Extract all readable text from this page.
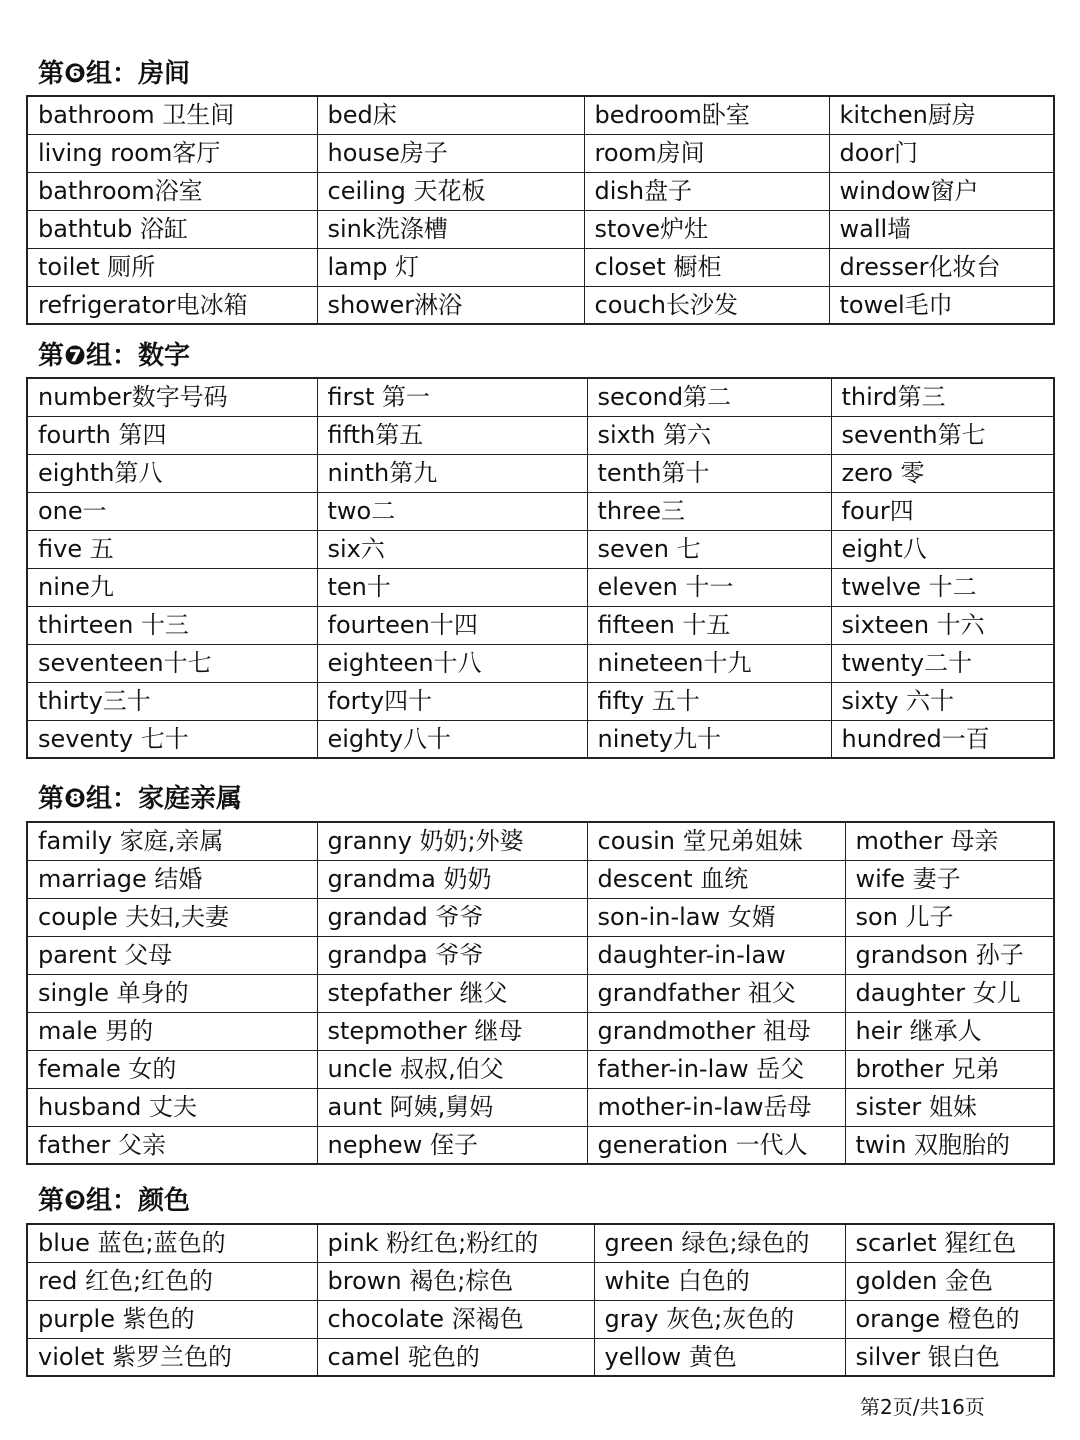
第❻组：房间
bathroom 卫生间	bed床	bedroom卧室	kitchen厨房
living room客厅	house房子	room房间	door门
bathroom浴室	ceiling 天花板	dish盘子	window窗户
bathtub 浴缸	sink洗涤槽	stove炉灶	wall墙
toilet 厕所	lamp 灯	closet 橱柜	dresser化妆台
refrigerator电冰箱	shower淋浴	couch长沙发	towel毛巾
第❼组：数字
number数字号码	first 第一	second第二	third第三
fourth 第四	fifth第五	sixth 第六	seventh第七
eighth第八	ninth第九	tenth第十	zero 零
one一	two二	three三	four四
five 五	six六	seven 七	eight八
nine九	ten十	eleven 十一	twelve 十二
thirteen 十三	fourteen十四	fifteen 十五	sixteen 十六
seventeen十七	eighteen十八	nineteen十九	twenty二十
thirty三十	forty四十	fifty 五十	sixty 六十
seventy 七十	eighty八十	ninety九十	hundred一百
第❽组：家庭亲属
family 家庭,亲属	granny 奶奶;外婆	cousin 堂兄弟姐妹	mother 母亲
marriage 结婚	grandma 奶奶	descent 血统	wife 妻子
couple 夫妇,夫妻	grandad 爷爷	son-in-law 女婿	son 儿子
parent 父母	grandpa 爷爷	daughter-in-law	grandson 孙子
single 单身的	stepfather 继父	grandfather 祖父	daughter 女儿
male 男的	stepmother 继母	grandmother 祖母	heir 继承人
female 女的	uncle 叔叔,伯父	father-in-law 岳父	brother 兄弟
husband 丈夫	aunt 阿姨,舅妈	mother-in-law岳母	sister 姐妹
father 父亲	nephew 侄子	generation 一代人	twin 双胞胎的
第❾组：颜色
blue 蓝色;蓝色的	pink 粉红色;粉红的	green 绿色;绿色的	scarlet 猩红色
red 红色;红色的	brown 褐色;棕色	white 白色的	golden 金色
purple 紫色的	chocolate 深褐色	gray 灰色;灰色的	orange 橙色的
violet 紫罗兰色的	camel 驼色的	yellow 黄色	silver 银白色
第2页/共16页
